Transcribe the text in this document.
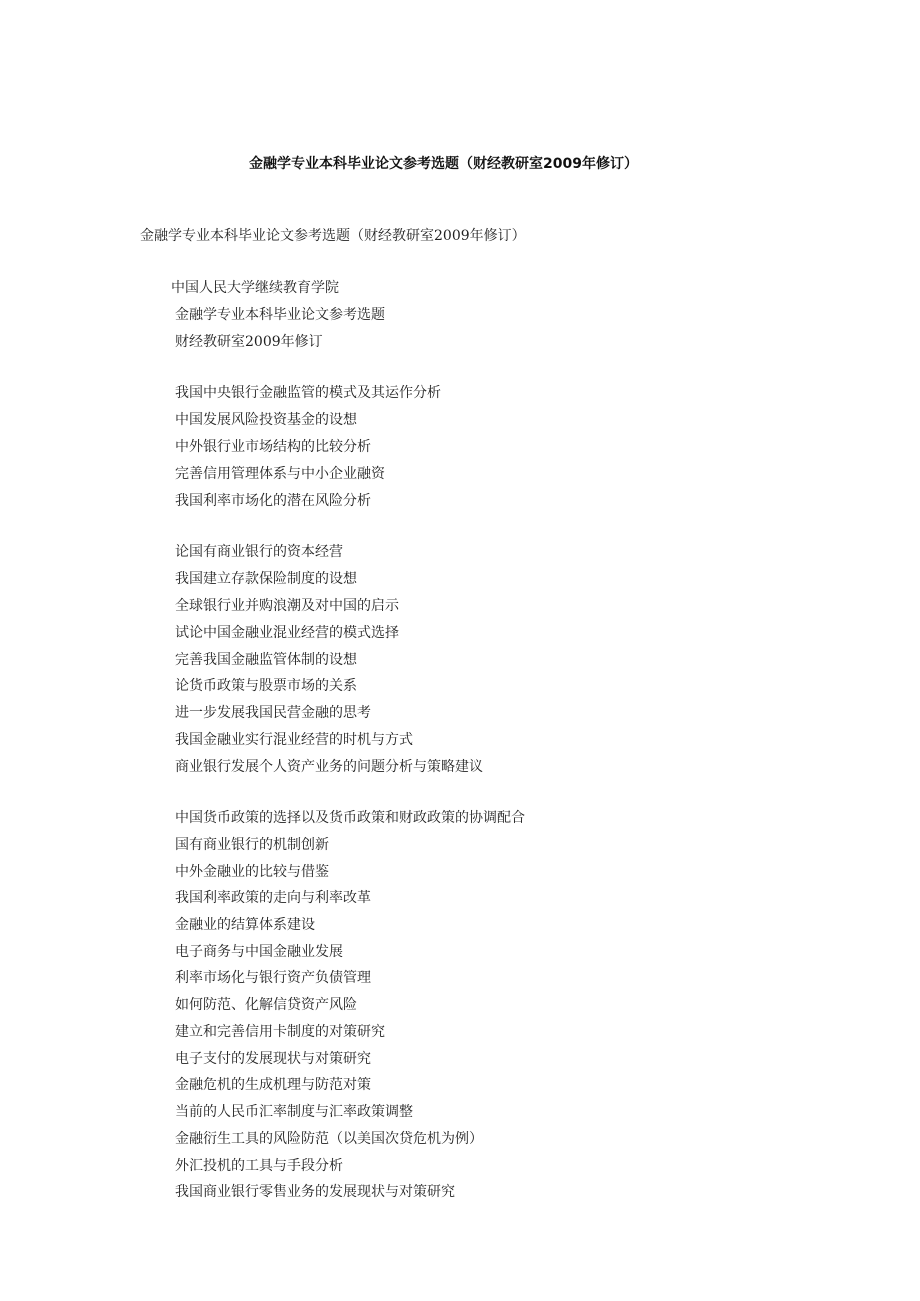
金融学专业本科毕业论文参考选题（财经教研室2009年修订）

金融学专业本科毕业论文参考选题（财经教研室2009年修订）

中国人民大学继续教育学院

金融学专业本科毕业论文参考选题

财经教研室2009年修订

我国中央银行金融监管的模式及其运作分析
中国发展风险投资基金的设想
中外银行业市场结构的比较分析
完善信用管理体系与中小企业融资
我国利率市场化的潜在风险分析
论国有商业银行的资本经营
我国建立存款保险制度的设想
全球银行业并购浪潮及对中国的启示
试论中国金融业混业经营的模式选择
完善我国金融监管体制的设想
论货币政策与股票市场的关系
进一步发展我国民营金融的思考
我国金融业实行混业经营的时机与方式
商业银行发展个人资产业务的问题分析与策略建议
中国货币政策的选择以及货币政策和财政政策的协调配合
国有商业银行的机制创新
中外金融业的比较与借鉴
我国利率政策的走向与利率改革
金融业的结算体系建设
电子商务与中国金融业发展
利率市场化与银行资产负债管理
如何防范、化解信贷资产风险
建立和完善信用卡制度的对策研究
电子支付的发展现状与对策研究
金融危机的生成机理与防范对策
当前的人民币汇率制度与汇率政策调整
金融衍生工具的风险防范（以美国次贷危机为例）
外汇投机的工具与手段分析
我国商业银行零售业务的发展现状与对策研究
